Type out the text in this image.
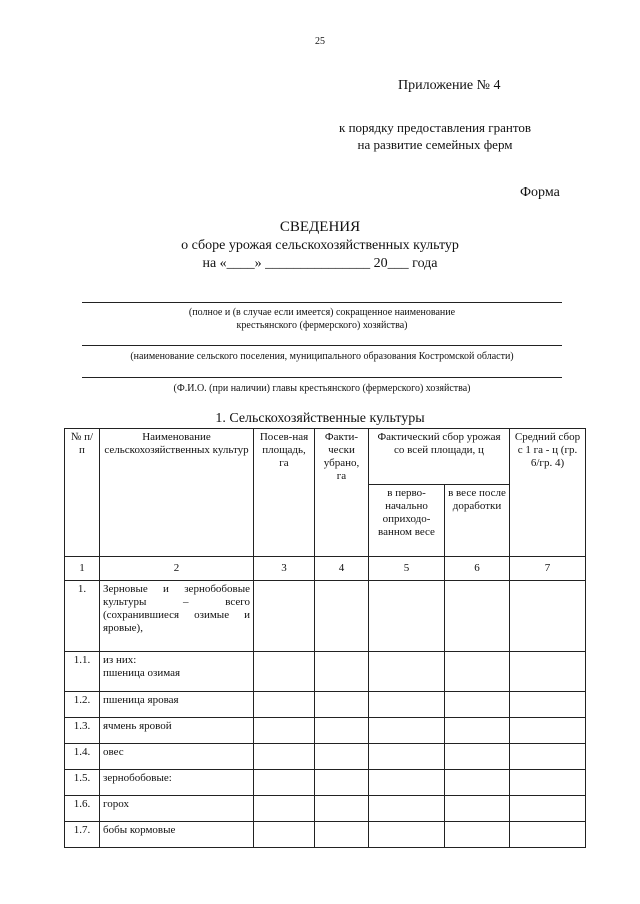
25
Приложение № 4
к порядку предоставления грантов
на развитие семейных ферм
Форма
СВЕДЕНИЯ
о сборе урожая сельскохозяйственных культур
на «____» _______________ 20___ года
(полное и (в случае если имеется) сокращенное наименование
крестьянского (фермерского) хозяйства)
(наименование сельского поселения, муниципального образования Костромской области)
(Ф.И.О. (при наличии) главы крестьянского (фермерского) хозяйства)
1. Сельскохозяйственные культуры
№ п/п	Наименование сельскохозяйственных культур	Посев-ная площадь, га	Факти-чески убрано, га	Фактический сбор урожая со всей площади, ц		Средний сбор с 1 га - ц (гр. 6/гр. 4)
				в перво-начально оприходо-ванном весе	в весе после доработки	
1	2	3	4	5	6	7
1.	Зерновые и зернобобовые культуры – всего (сохранившиеся озимые и яровые),					
1.1.	из них:
пшеница озимая					

1.2.	пшеница яровая					
1.3.	ячмень яровой					
1.4.	овес					
1.5.	зернобобовые:					
1.6.	горох					
1.7.	бобы кормовые					
